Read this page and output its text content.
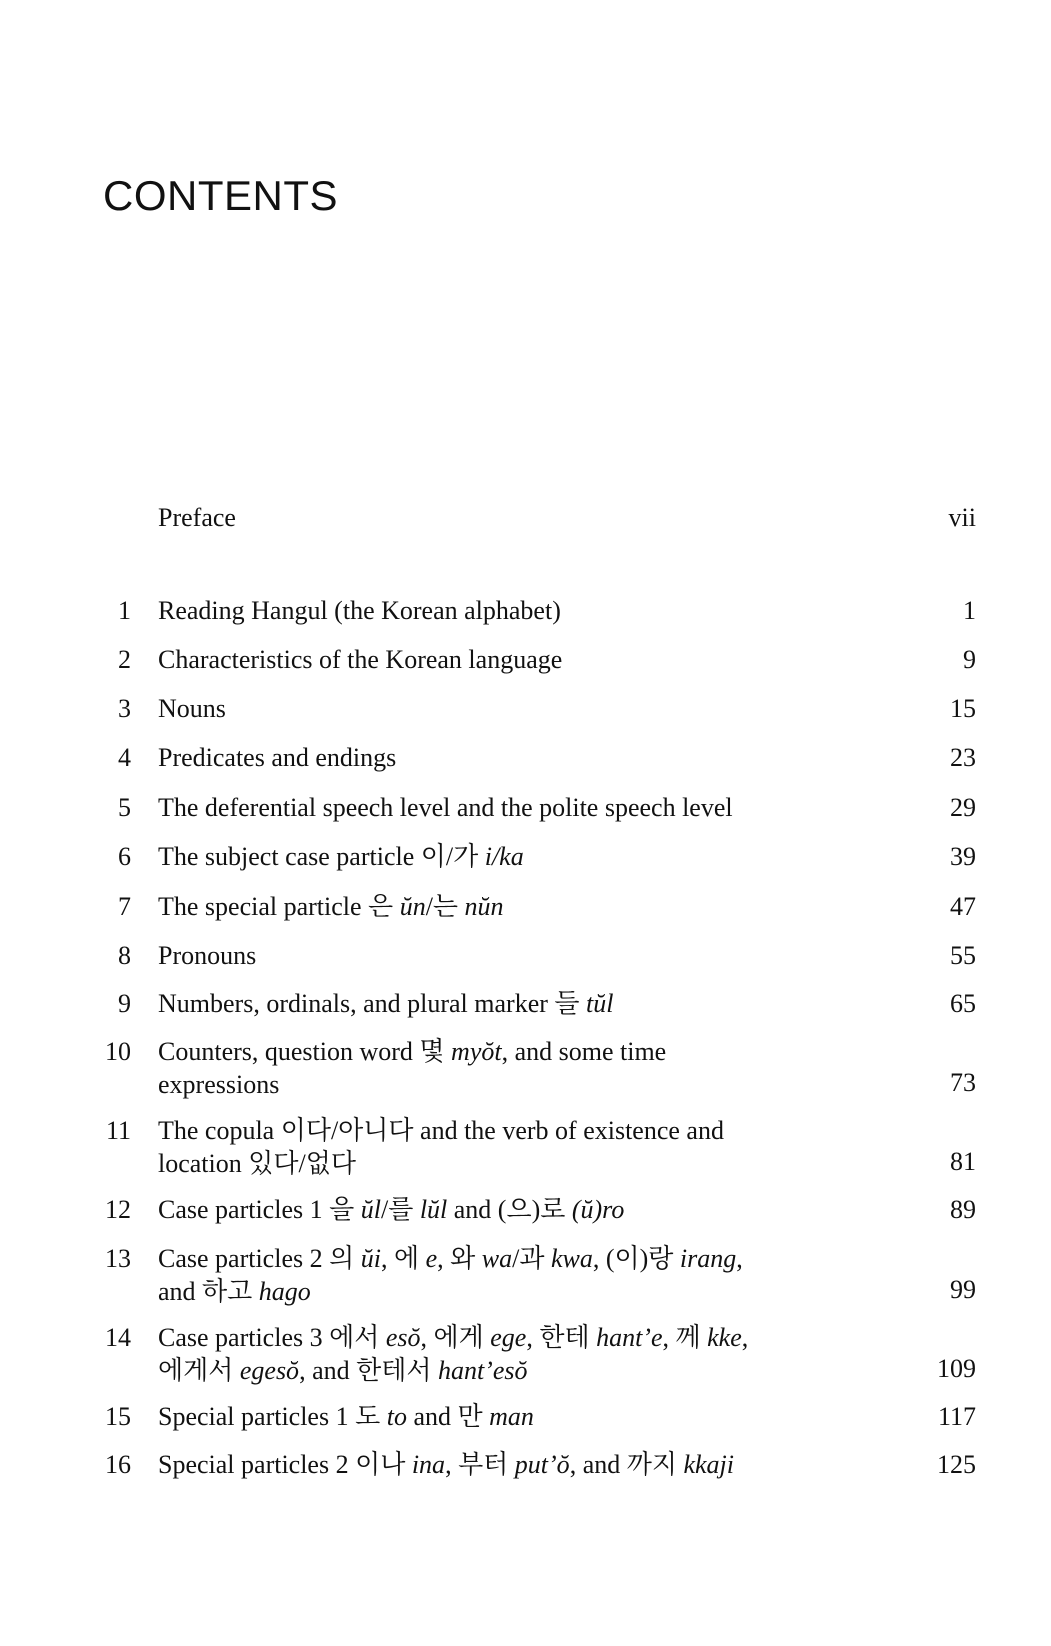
CONTENTS
Preface	vii
1 Reading Hangul (the Korean alphabet)	1
2 Characteristics of the Korean language	9
3 Nouns	15
4 Predicates and endings	23
5 The deferential speech level and the polite speech level	29
6 The subject case particle 이/가 i/ka	39
7 The special particle 은 ŭn/는 nŭn	47
8 Pronouns	55
9 Numbers, ordinals, and plural marker 들 tŭl	65
10 Counters, question word 몇 myŏt, and some time
expressions	73
11 The copula 이다/아니다 and the verb of existence and
location 있다/없다	81
12 Case particles 1 을 ŭl/를 lŭl and (으)로 (ŭ)ro	89
13 Case particles 2 의 ŭi, 에 e, 와 wa/과 kwa, (이)랑 irang,
and 하고 hago	99
14 Case particles 3 에서 esŏ, 에게 ege, 한테 hant’e, 께 kke,
에게서 egesŏ, and 한테서 hant’esŏ	109
15 Special particles 1 도 to and 만 man	117
16 Special particles 2 이나 ina, 부터 put’ŏ, and 까지 kkaji	125
